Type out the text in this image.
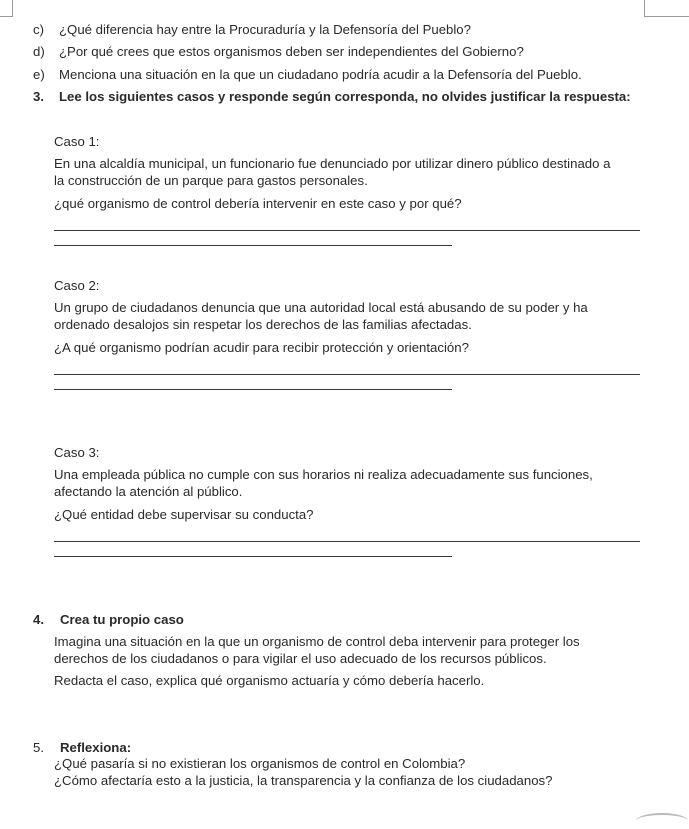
c) ¿Qué diferencia hay entre la Procuraduría y la Defensoría del Pueblo?
d) ¿Por qué crees que estos organismos deben ser independientes del Gobierno?
e) Menciona una situación en la que un ciudadano podría acudir a la Defensoría del Pueblo.
3. Lee los siguientes casos y responde según corresponda, no olvides justificar la respuesta:
Caso 1:
En una alcaldía municipal, un funcionario fue denunciado por utilizar dinero público destinado a
la construcción de un parque para gastos personales.
¿qué organismo de control debería intervenir en este caso y por qué?
Caso 2:
Un grupo de ciudadanos denuncia que una autoridad local está abusando de su poder y ha
ordenado desalojos sin respetar los derechos de las familias afectadas.
¿A qué organismo podrían acudir para recibir protección y orientación?
Caso 3:
Una empleada pública no cumple con sus horarios ni realiza adecuadamente sus funciones,
afectando la atención al público.
¿Qué entidad debe supervisar su conducta?
4. Crea tu propio caso
Imagina una situación en la que un organismo de control deba intervenir para proteger los
derechos de los ciudadanos o para vigilar el uso adecuado de los recursos públicos.
Redacta el caso, explica qué organismo actuaría y cómo debería hacerlo.
5. Reflexiona:
¿Qué pasaría si no existieran los organismos de control en Colombia?
¿Cómo afectaría esto a la justicia, la transparencia y la confianza de los ciudadanos?
